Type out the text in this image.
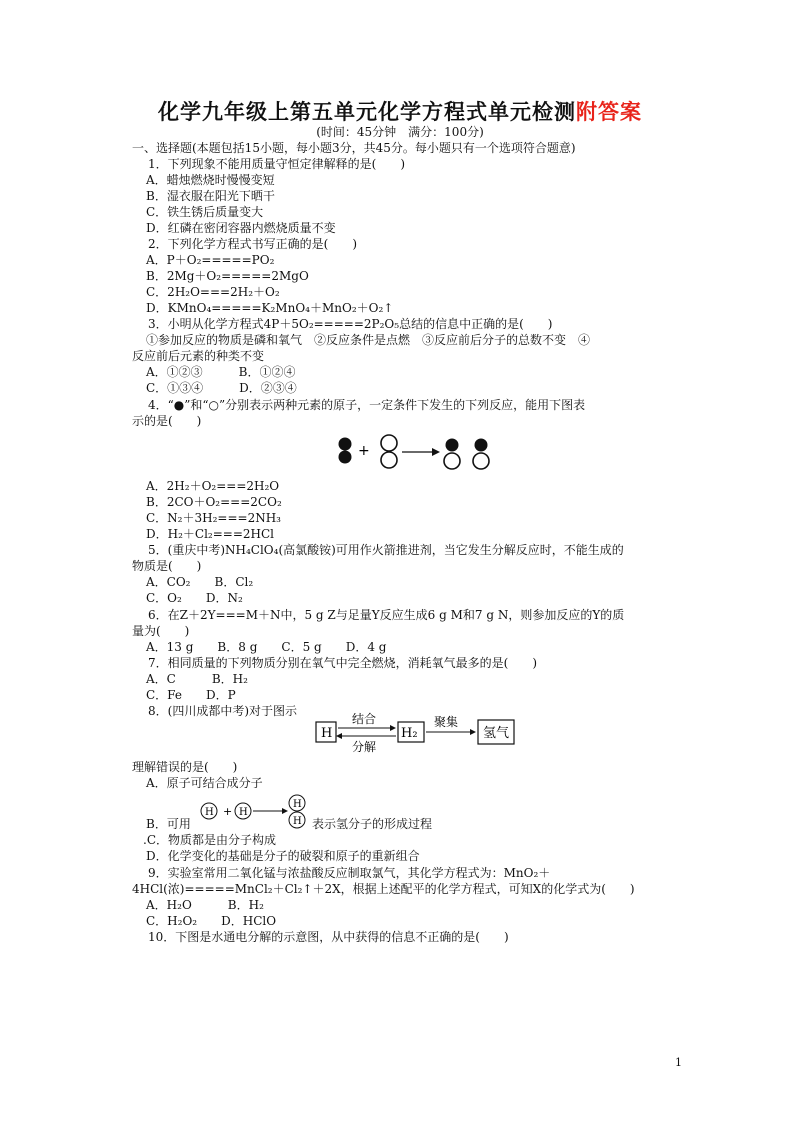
化学九年级上第五单元化学方程式单元检测附答案
(时间：45分钟　满分：100分)
一、选择题(本题包括15小题，每小题3分，共45分。每小题只有一个选项符合题意)
1．下列现象不能用质量守恒定律解释的是(　　)
A．蜡烛燃烧时慢慢变短
B．湿衣服在阳光下晒干
C．铁生锈后质量变大
D．红磷在密闭容器内燃烧质量不变
2．下列化学方程式书写正确的是(　　)
A．P＋O₂=====PO₂
B．2Mg＋O₂=====2MgO
C．2H₂O===2H₂＋O₂
D．KMnO₄=====K₂MnO₄＋MnO₂＋O₂↑
3．小明从化学方程式4P＋5O₂=====2P₂O₅总结的信息中正确的是(　　)
①参加反应的物质是磷和氧气　②反应条件是点燃　③反应前后分子的总数不变　④
反应前后元素的种类不变
A．①②③　　　B．①②④
C．①③④　　　D．②③④
4．“●”和“○”分别表示两种元素的原子，一定条件下发生的下列反应，能用下图表
示的是(　　)
+
A．2H₂＋O₂===2H₂O
B．2CO＋O₂===2CO₂
C．N₂＋3H₂===2NH₃
D．H₂＋Cl₂===2HCl
5．(重庆中考)NH₄ClO₄(高氯酸铵)可用作火箭推进剂，当它发生分解反应时，不能生成的
物质是(　　)
A．CO₂　　B．Cl₂
C．O₂　　D．N₂
6．在Z＋2Y===M＋N中，5 g Z与足量Y反应生成6 g M和7 g N，则参加反应的Y的质
量为(　　)
A．13 g　　B．8 g　　C．5 g　　D．4 g
7．相同质量的下列物质分别在氧气中完全燃烧，消耗氧气最多的是(　　)
A．C　　　B．H₂
C．Fe　　D．P
8．(四川成都中考)对于图示
H
结合
分解
H₂
聚集
氢气
理解错误的是(　　)
A．原子可结合成分子
H + H
H
H
B．可用	表示氢分子的形成过程
.C．物质都是由分子构成
D．化学变化的基础是分子的破裂和原子的重新组合
9．实验室常用二氧化锰与浓盐酸反应制取氯气，其化学方程式为：MnO₂＋
4HCl(浓)=====MnCl₂＋Cl₂↑＋2X，根据上述配平的化学方程式，可知X的化学式为(　　)
A．H₂O　　　B．H₂
C．H₂O₂　　D．HClO
10．下图是水通电分解的示意图，从中获得的信息不正确的是(　　)
1
